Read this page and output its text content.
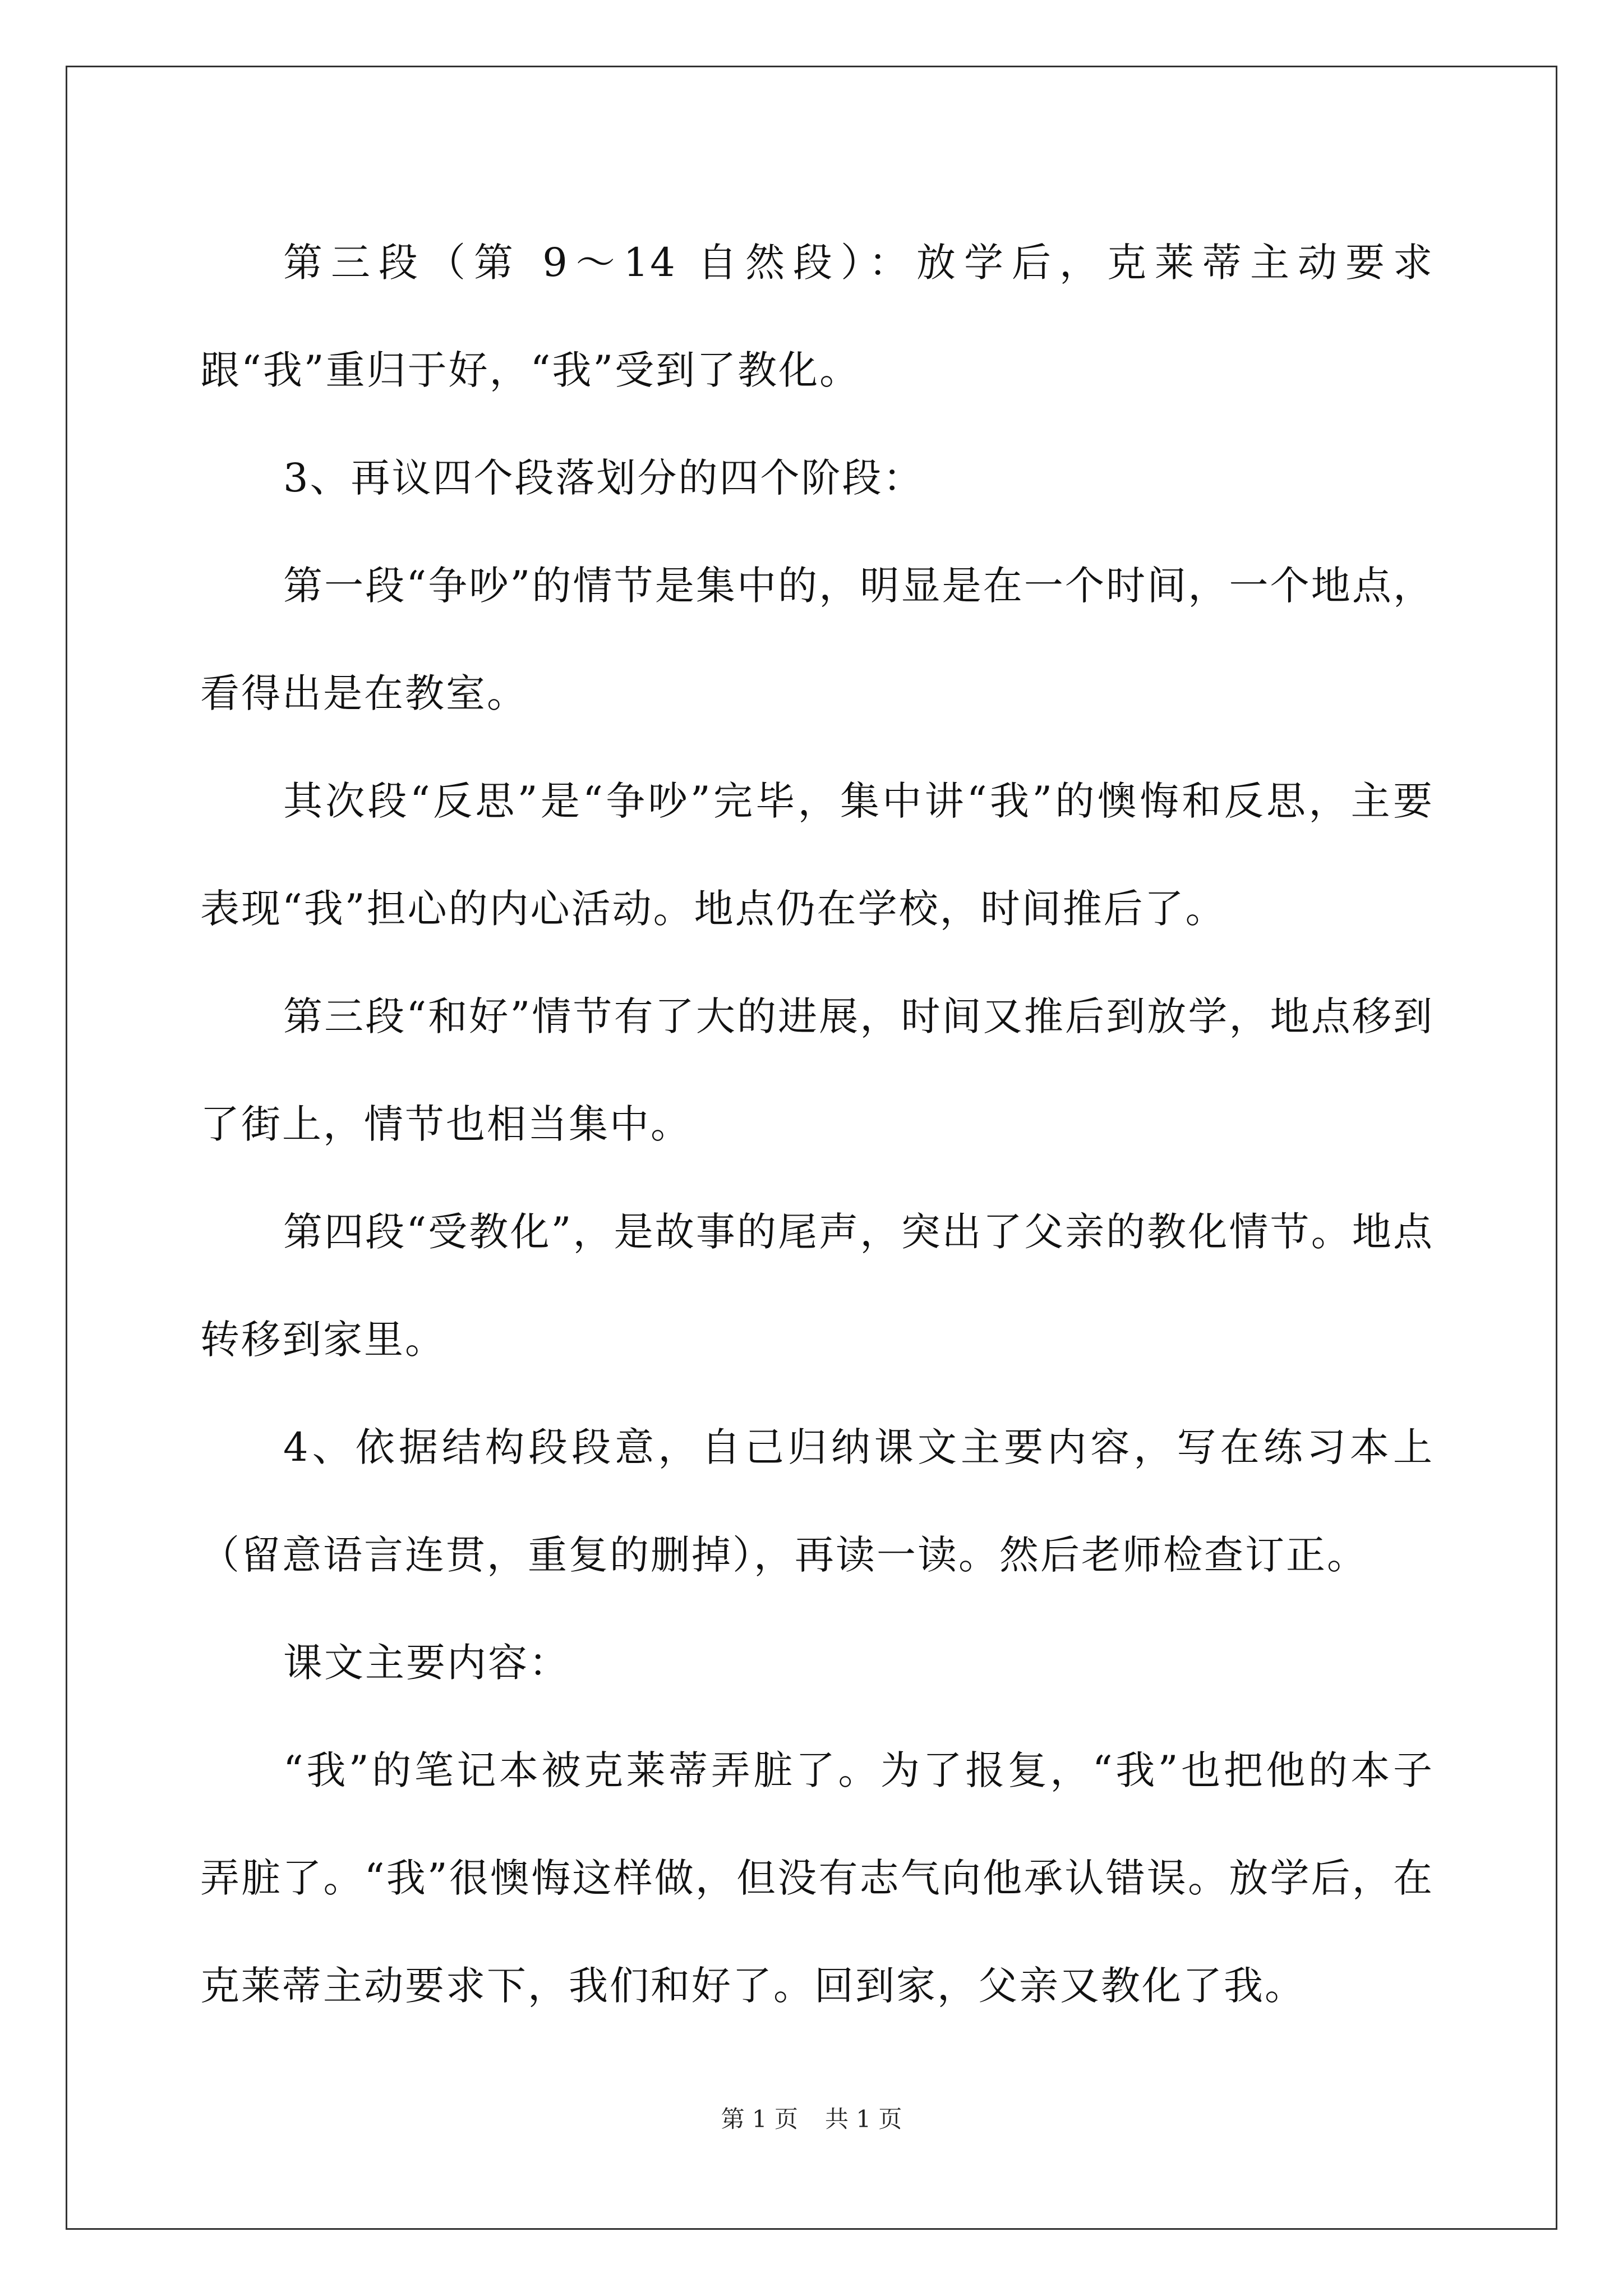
第三段（第 9～14 自然段）：放学后，克莱蒂主动要求跟“我”重归于好，“我”受到了教化。

3、再议四个段落划分的四个阶段：

第一段“争吵”的情节是集中的，明显是在一个时间，一个地点，看得出是在教室。

其次段“反思”是“争吵”完毕，集中讲“我”的懊悔和反思，主要表现“我”担心的内心活动。地点仍在学校，时间推后了。

第三段“和好”情节有了大的进展，时间又推后到放学，地点移到了街上，情节也相当集中。

第四段“受教化”，是故事的尾声，突出了父亲的教化情节。地点转移到家里。

4、依据结构段段意，自己归纳课文主要内容，写在练习本上（留意语言连贯，重复的删掉），再读一读。然后老师检查订正。

课文主要内容：

“我”的笔记本被克莱蒂弄脏了。为了报复，“我”也把他的本子弄脏了。“我”很懊悔这样做，但没有志气向他承认错误。放学后，在克莱蒂主动要求下，我们和好了。回到家，父亲又教化了我。

第 1 页 共 1 页
